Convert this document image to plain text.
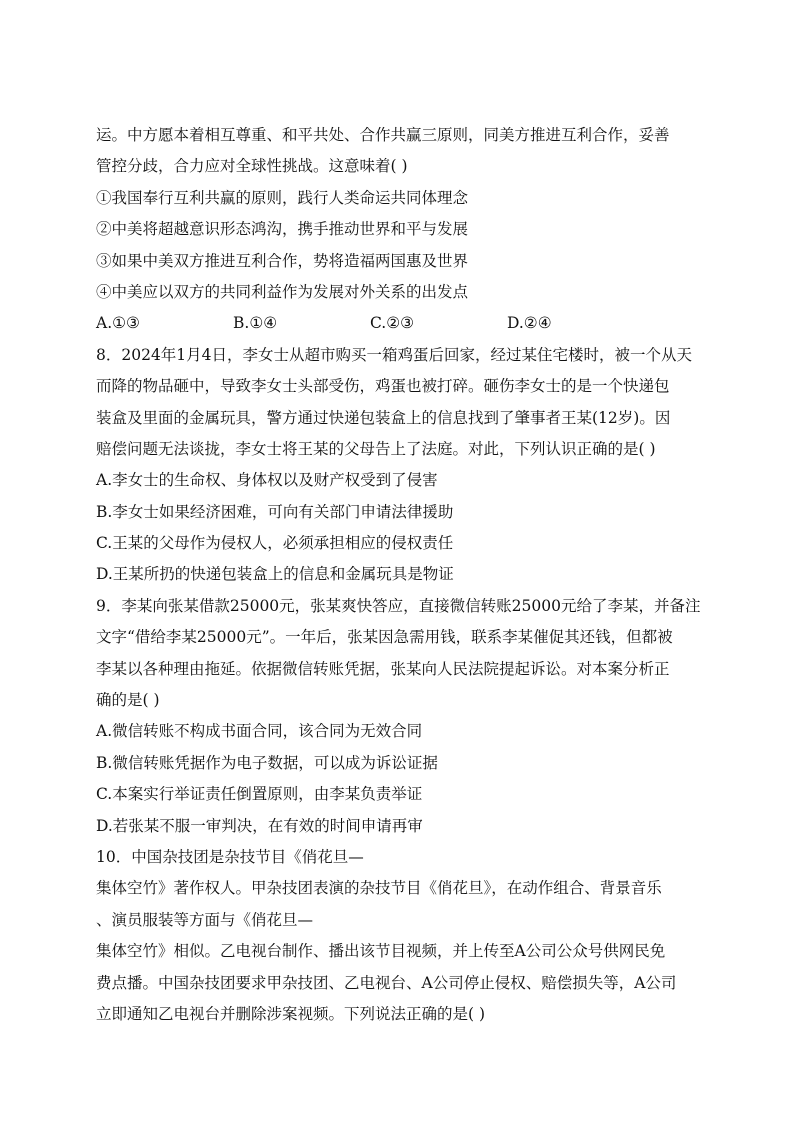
运。中方愿本着相互尊重、和平共处、合作共赢三原则，同美方推进互利合作，妥善
管控分歧，合力应对全球性挑战。这意味着( )
①我国奉行互利共赢的原则，践行人类命运共同体理念
②中美将超越意识形态鸿沟，携手推动世界和平与发展
③如果中美双方推进互利合作，势将造福两国惠及世界
④中美应以双方的共同利益作为发展对外关系的出发点
A.①③	B.①④	C.②③	D.②④
8．2024年1月4日，李女士从超市购买一箱鸡蛋后回家，经过某住宅楼时，被一个从天
而降的物品砸中，导致李女士头部受伤，鸡蛋也被打碎。砸伤李女士的是一个快递包
装盒及里面的金属玩具，警方通过快递包装盒上的信息找到了肇事者王某(12岁)。因
赔偿问题无法谈拢，李女士将王某的父母告上了法庭。对此，下列认识正确的是( )
A.李女士的生命权、身体权以及财产权受到了侵害
B.李女士如果经济困难，可向有关部门申请法律援助
C.王某的父母作为侵权人，必须承担相应的侵权责任
D.王某所扔的快递包装盒上的信息和金属玩具是物证
9．李某向张某借款25000元，张某爽快答应，直接微信转账25000元给了李某，并备注
文字“借给李某25000元”。一年后，张某因急需用钱，联系李某催促其还钱，但都被
李某以各种理由拖延。依据微信转账凭据，张某向人民法院提起诉讼。对本案分析正
确的是( )
A.微信转账不构成书面合同，该合同为无效合同
B.微信转账凭据作为电子数据，可以成为诉讼证据
C.本案实行举证责任倒置原则，由李某负责举证
D.若张某不服一审判决，在有效的时间申请再审
10．中国杂技团是杂技节目《俏花旦—
集体空竹》著作权人。甲杂技团表演的杂技节目《俏花旦》，在动作组合、背景音乐
、演员服装等方面与《俏花旦—
集体空竹》相似。乙电视台制作、播出该节目视频，并上传至A公司公众号供网民免
费点播。中国杂技团要求甲杂技团、乙电视台、A公司停止侵权、赔偿损失等，A公司
立即通知乙电视台并删除涉案视频。下列说法正确的是( )
